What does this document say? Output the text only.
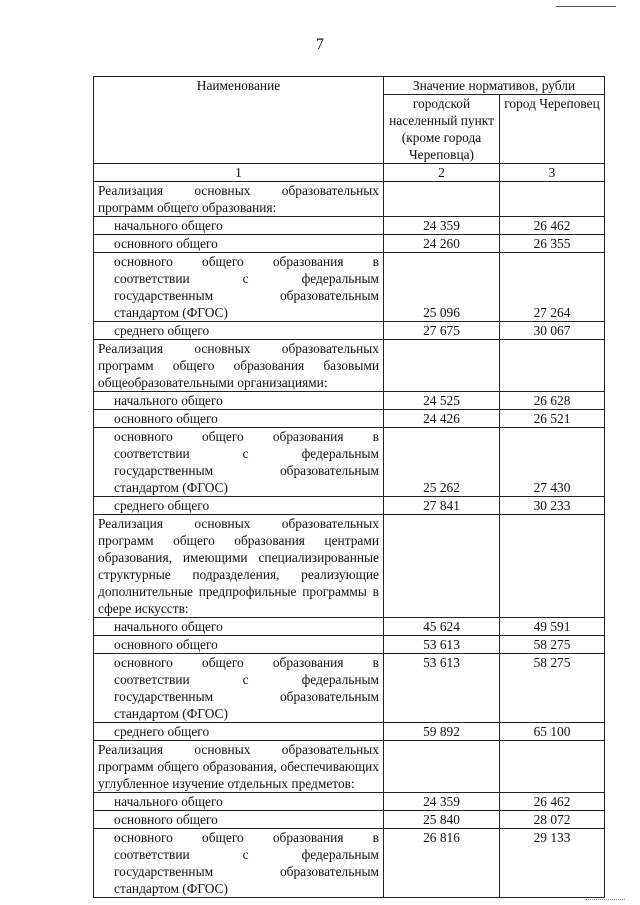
7
Наименование	Значение нормативов, рубли	
	городской населенный пункт (кроме города Череповца)	город Череповец
1	2	3
Реализация основных образовательных программ общего образования:		
начального общего	24 359	26 462
основного общего	24 260	26 355
основного общего образования в соответствии с федеральным государственным образовательным стандартом (ФГОС)	25 096	27 264
среднего общего	27 675	30 067
Реализация основных образовательных программ общего образования базовыми общеобразовательными организациями:		
начального общего	24 525	26 628
основного общего	24 426	26 521
основного общего образования в соответствии с федеральным государственным образовательным стандартом (ФГОС)	25 262	27 430
среднего общего	27 841	30 233
Реализация основных образовательных программ общего образования центрами образования, имеющими специализированные структурные подразделения, реализующие дополнительные предпрофильные программы в сфере искусств:		
начального общего	45 624	49 591
основного общего	53 613	58 275
основного общего образования в соответствии с федеральным государственным образовательным стандартом (ФГОС)	53 613	58 275
среднего общего	59 892	65 100
Реализация основных образовательных программ общего образования, обеспечивающих углубленное изучение отдельных предметов:		
начального общего	24 359	26 462
основного общего	25 840	28 072
основного общего образования в соответствии с федеральным государственным образовательным стандартом (ФГОС)	26 816	29 133
